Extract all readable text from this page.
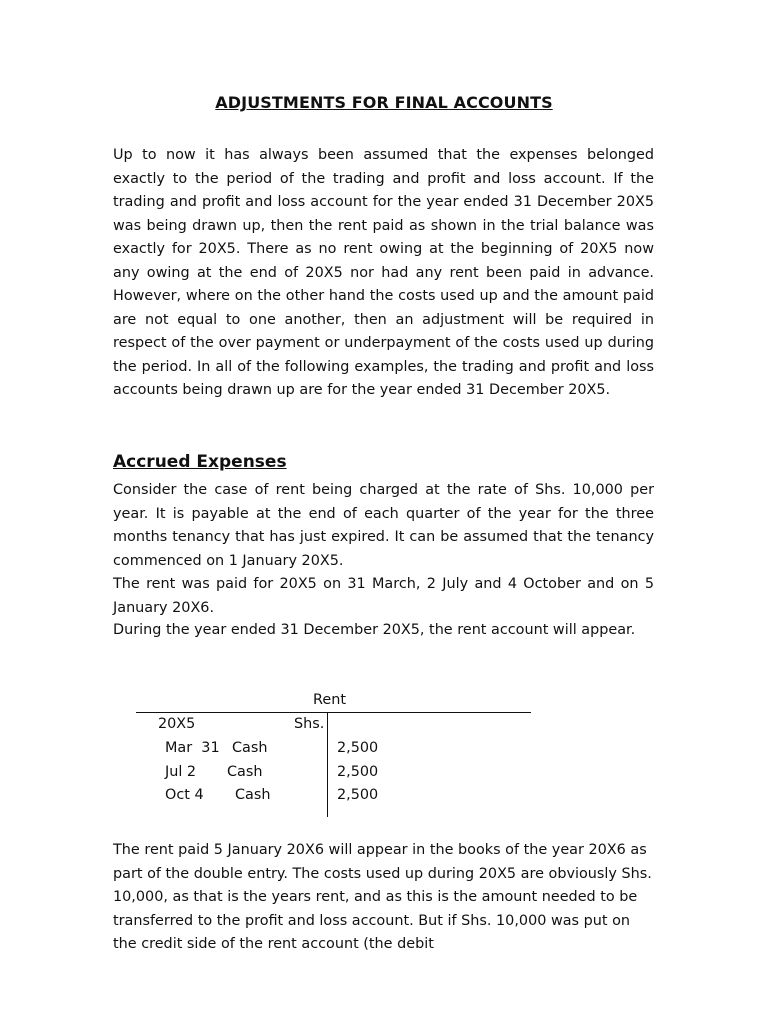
ADJUSTMENTS FOR FINAL ACCOUNTS

Up to now it has always been assumed that the expenses belonged exactly to the period of the trading and profit and loss account. If the trading and profit and loss account for the year ended 31 December 20X5 was being drawn up, then the rent paid as shown in the trial balance was exactly for 20X5. There as no rent owing at the beginning of 20X5 now any owing at the end of 20X5 nor had any rent been paid in advance. However, where on the other hand the costs used up and the amount paid are not equal to one another, then an adjustment will be required in respect of the over payment or underpayment of the costs used up during the period. In all of the following examples, the trading and profit and loss accounts being drawn up are for the year ended 31 December 20X5.

Accrued Expenses

Consider the case of rent being charged at the rate of Shs. 10,000 per year. It is payable at the end of each quarter of the year for the three months tenancy that has just expired. It can be assumed that the tenancy commenced on 1 January 20X5.

The rent was paid for 20X5 on 31 March, 2 July and 4 October and on 5 January 20X6.

During the year ended 31 December 20X5, the rent account will appear.

Rent
20X5	Shs.
Mar  31 Cash	2,500
Jul 2 Cash	2,500
Oct 4 Cash	2,500

The rent paid 5 January 20X6 will appear in the books of the year 20X6 as part of the double entry. The costs used up during 20X5 are obviously Shs. 10,000, as that is the years rent, and as this is the amount needed to be transferred to the profit and loss account. But if Shs. 10,000 was put on the credit side of the rent account (the debit
